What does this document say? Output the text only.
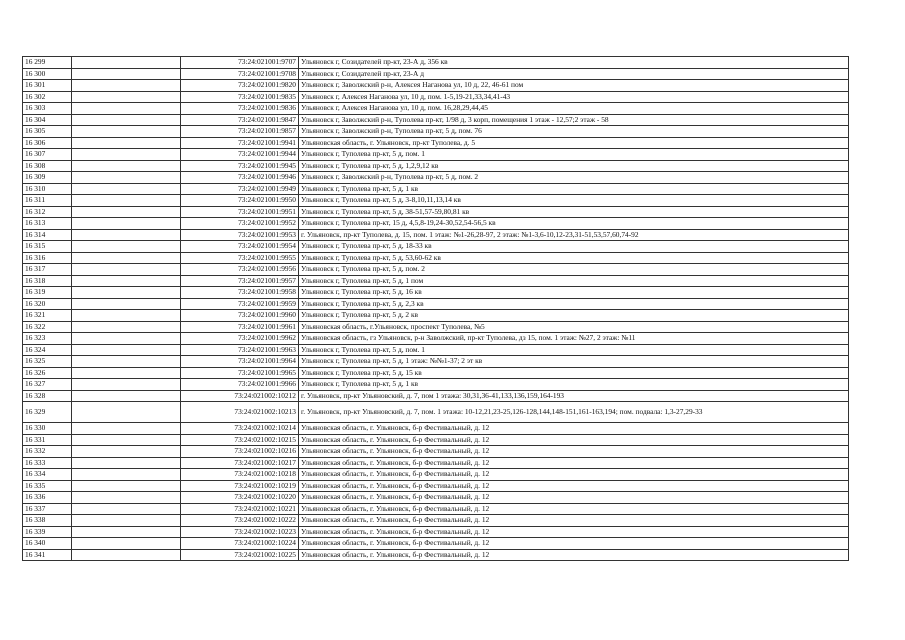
16 299		73:24:021001:9707	Ульяновск г, Созидателей пр-кт, 23-А д, 356 кв
16 300		73:24:021001:9708	Ульяновск г, Созидателей пр-кт, 23-А д
16 301		73:24:021001:9820	Ульяновск г, Заволжский р-н, Алексея Наганова ул, 10 д, 22, 46-61 пом
16 302		73:24:021001:9835	Ульяновск г, Алексея Наганова ул, 10 д, пом. 1-5,19-21,33,34,41-43
16 303		73:24:021001:9836	Ульяновск г, Алексея Наганова ул, 10 д, пом. 16,28,29,44,45
16 304		73:24:021001:9847	Ульяновск г, Заволжский р-н, Туполева пр-кт, 1/98 д, 3 корп, помещения 1 этаж - 12,57;2 этаж - 58
16 305		73:24:021001:9857	Ульяновск г, Заволжский р-н, Туполева пр-кт, 5 д, пом. 76
16 306		73:24:021001:9941	Ульяновская область, г. Ульяновск, пр-кт Туполева, д. 5
16 307		73:24:021001:9944	Ульяновск г, Туполева пр-кт, 5 д, пом. 1
16 308		73:24:021001:9945	Ульяновск г, Туполева пр-кт, 5 д, 1,2,9,12 кв
16 309		73:24:021001:9946	Ульяновск г, Заволжский р-н, Туполева пр-кт, 5 д, пом. 2
16 310		73:24:021001:9949	Ульяновск г, Туполева пр-кт, 5 д, 1 кв
16 311		73:24:021001:9950	Ульяновск г, Туполева пр-кт, 5 д, 3-8,10,11,13,14 кв
16 312		73:24:021001:9951	Ульяновск г, Туполева пр-кт, 5 д, 38-51,57-59,80,81 кв
16 313		73:24:021001:9952	Ульяновск г, Туполева пр-кт, 15 д, 4,5,8-19,24-30,52,54-56,5 кв
16 314		73:24:021001:9953	г. Ульяновск, пр-кт Туполева, д. 15, пом. 1 этаж: №1-26,28-97, 2 этаж: №1-3,6-10,12-23,31-51,53,57,60,74-92
16 315		73:24:021001:9954	Ульяновск г, Туполева пр-кт, 5 д, 18-33 кв
16 316		73:24:021001:9955	Ульяновск г, Туполева пр-кт, 5 д, 53,60-62 кв
16 317		73:24:021001:9956	Ульяновск г, Туполева пр-кт, 5 д, пом. 2
16 318		73:24:021001:9957	Ульяновск г, Туполева пр-кт, 5 д, 1 пом
16 319		73:24:021001:9958	Ульяновск г, Туполева пр-кт, 5 д, 16 кв
16 320		73:24:021001:9959	Ульяновск г, Туполева пр-кт, 5 д, 2,3 кв
16 321		73:24:021001:9960	Ульяновск г, Туполева пр-кт, 5 д, 2 кв
16 322		73:24:021001:9961	Ульяновская область, г.Ульяновск, проспект Туполева, №5
16 323		73:24:021001:9962	Ульяновская область, гз Ульяновск, р-н Заволжский, пр-кт Туполева, дз 15, пом. 1 этаж: №27, 2 этаж: №11
16 324		73:24:021001:9963	Ульяновск г, Туполева пр-кт, 5 д, пом. 1
16 325		73:24:021001:9964	Ульяновск г, Туполева пр-кт, 5 д, 1 этаж: №№1-37; 2 эт кв
16 326		73:24:021001:9965	Ульяновск г, Туполева пр-кт, 5 д, 15 кв
16 327		73:24:021001:9966	Ульяновск г, Туполева пр-кт, 5 д, 1 кв
16 328		73:24:021002:10212	г. Ульяновск, пр-кт Ульяновский, д. 7, пом 1 этажа: 30,31,36-41,133,136,159,164-193
16 329		73:24:021002:10213	г. Ульяновск, пр-кт Ульяновский, д. 7, пом. 1 этажа: 10-12,21,23-25,126-128,144,148-151,161-163,194; пом. подвала: 1,3-27,29-33
16 330		73:24:021002:10214	Ульяновская область, г. Ульяновск, б-р Фестивальный, д. 12
16 331		73:24:021002:10215	Ульяновская область, г. Ульяновск, б-р Фестивальный, д. 12
16 332		73:24:021002:10216	Ульяновская область, г. Ульяновск, б-р Фестивальный, д. 12
16 333		73:24:021002:10217	Ульяновская область, г. Ульяновск, б-р Фестивальный, д. 12
16 334		73:24:021002:10218	Ульяновская область, г. Ульяновск, б-р Фестивальный, д. 12
16 335		73:24:021002:10219	Ульяновская область, г. Ульяновск, б-р Фестивальный, д. 12
16 336		73:24:021002:10220	Ульяновская область, г. Ульяновск, б-р Фестивальный, д. 12
16 337		73:24:021002:10221	Ульяновская область, г. Ульяновск, б-р Фестивальный, д. 12
16 338		73:24:021002:10222	Ульяновская область, г. Ульяновск, б-р Фестивальный, д. 12
16 339		73:24:021002:10223	Ульяновская область, г. Ульяновск, б-р Фестивальный, д. 12
16 340		73:24:021002:10224	Ульяновская область, г. Ульяновск, б-р Фестивальный, д. 12
16 341		73:24:021002:10225	Ульяновская область, г. Ульяновск, б-р Фестивальный, д. 12
